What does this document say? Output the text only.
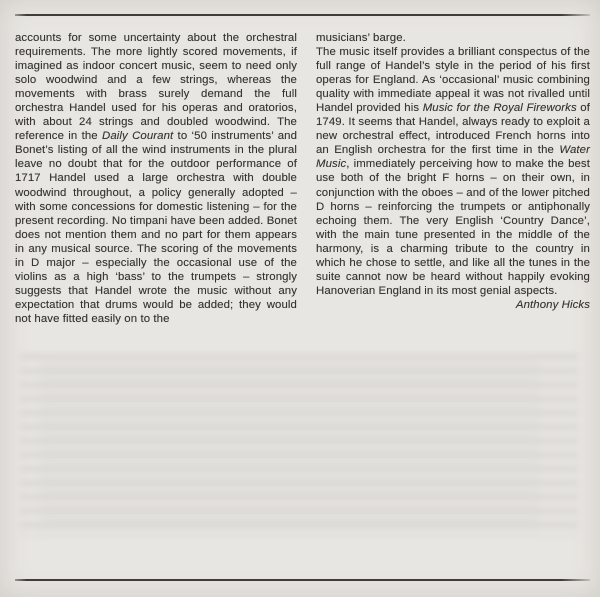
accounts for some uncertainty about the orchestral requirements. The more lightly scored movements, if imagined as indoor concert music, seem to need only solo woodwind and a few strings, whereas the movements with brass surely demand the full orchestra Handel used for his operas and oratorios, with about 24 strings and doubled woodwind. The reference in the Daily Courant to ‘50 instruments’ and Bonet’s listing of all the wind instruments in the plural leave no doubt that for the outdoor performance of 1717 Handel used a large orchestra with double woodwind throughout, a policy generally adopted – with some concessions for domestic listening – for the present recording. No timpani have been added. Bonet does not mention them and no part for them appears in any musical source. The scoring of the movements in D major – especially the occasional use of the violins as a high ‘bass’ to the trumpets – strongly suggests that Handel wrote the music without any expectation that drums would be added; they would not have fitted easily on to the

musicians’ barge.

The music itself provides a brilliant conspectus of the full range of Handel’s style in the period of his first operas for England. As ‘occasional’ music combining quality with immediate appeal it was not rivalled until Handel provided his Music for the Royal Fireworks of 1749. It seems that Handel, always ready to exploit a new orchestral effect, introduced French horns into an English orchestra for the first time in the Water Music, immediately perceiving how to make the best use both of the bright F horns – on their own, in conjunction with the oboes – and of the lower pitched D horns – reinforcing the trumpets or antiphonally echoing them. The very English ‘Country Dance’, with the main tune presented in the middle of the harmony, is a charming tribute to the country in which he chose to settle, and like all the tunes in the suite cannot now be heard without happily evoking Hanoverian England in its most genial aspects.

Anthony Hicks
